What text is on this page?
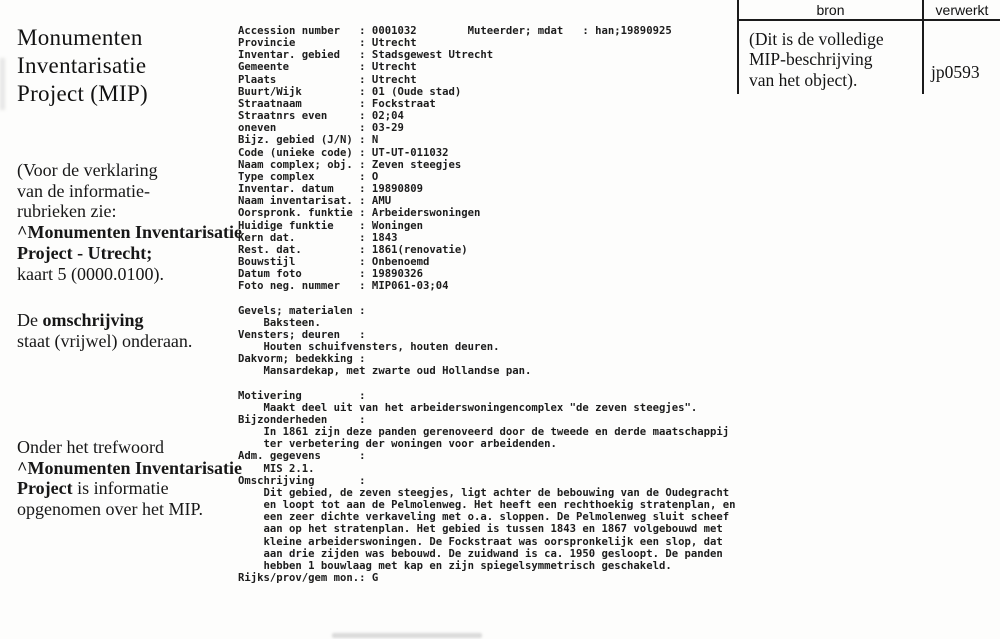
Monumenten
Inventarisatie
Project (MIP)
(Voor de verklaring
van de informatie-
rubrieken zie:
^Monumenten Inventarisatie
Project - Utrecht;
kaart 5 (0000.0100).
De omschrijving
staat (vrijwel) onderaan.
Onder het trefwoord
^Monumenten Inventarisatie
Project is informatie
opgenomen over het MIP.
Accession number   : 0001032        Muteerder; mdat   : han;19890925
Provincie          : Utrecht
Inventar. gebied   : Stadsgewest Utrecht
Gemeente           : Utrecht
Plaats             : Utrecht
Buurt/Wijk         : 01 (Oude stad)
Straatnaam         : Fockstraat
Straatnrs even     : 02;04
oneven             : 03-29
Bijz. gebied (J/N) : N
Code (unieke code) : UT-UT-011032
Naam complex; obj. : Zeven steegjes
Type complex       : O
Inventar. datum    : 19890809
Naam inventarisat. : AMU
Oorspronk. funktie : Arbeiderswoningen
Huidige funktie    : Woningen
Kern dat.          : 1843
Rest. dat.         : 1861(renovatie)
Bouwstijl          : Onbenoemd
Datum foto         : 19890326
Foto neg. nummer   : MIP061-03;04

Gevels; materialen :
Baksteen.
Vensters; deuren   :
Houten schuifvensters, houten deuren.
Dakvorm; bedekking :
Mansardekap, met zwarte oud Hollandse pan.

Motivering         :
Maakt deel uit van het arbeiderswoningencomplex "de zeven steegjes".
Bijzonderheden     :
In 1861 zijn deze panden gerenoveerd door de tweede en derde maatschappij
ter verbetering der woningen voor arbeidenden.
Adm. gegevens      :
MIS 2.1.
Omschrijving       :
Dit gebied, de zeven steegjes, ligt achter de bebouwing van de Oudegracht
en loopt tot aan de Pelmolenweg. Het heeft een rechthoekig stratenplan, en
een zeer dichte verkaveling met o.a. sloppen. De Pelmolenweg sluit scheef
aan op het stratenplan. Het gebied is tussen 1843 en 1867 volgebouwd met
kleine arbeiderswoningen. De Fockstraat was oorspronkelijk een slop, dat
aan drie zijden was bebouwd. De zuidwand is ca. 1950 gesloopt. De panden
hebben 1 bouwlaag met kap en zijn spiegelsymmetrisch geschakeld.
Rijks/prov/gem mon.: G
bron	verwerkt
(Dit is de volledige
MIP-beschrijving
van het object).	jp0593
